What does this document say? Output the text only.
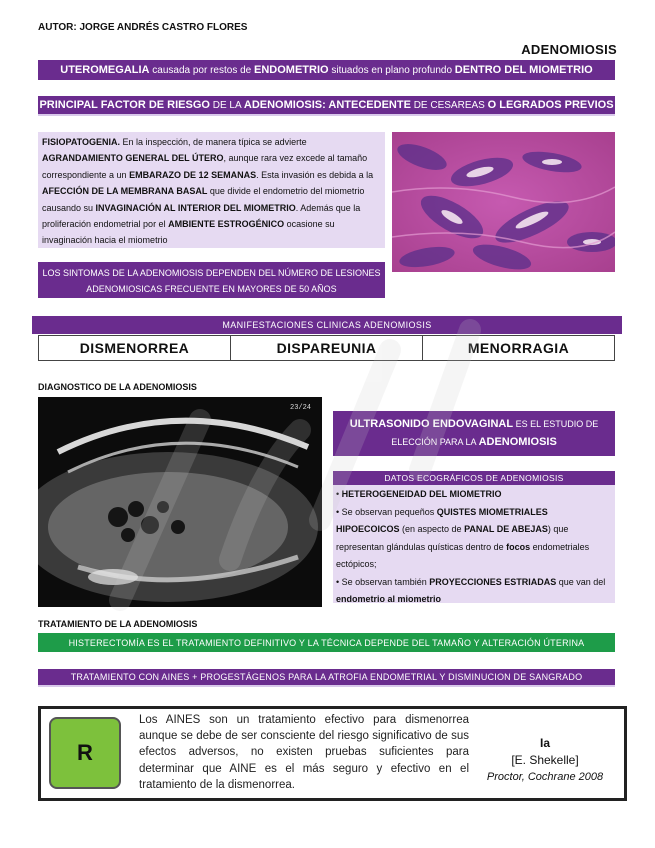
AUTOR: JORGE ANDRÉS CASTRO FLORES
ADENOMIOSIS
UTEROMEGALIA causada por restos de ENDOMETRIO situados en plano profundo DENTRO DEL MIOMETRIO
PRINCIPAL FACTOR DE RIESGO DE LA ADENOMIOSIS: ANTECEDENTE DE CESAREAS O LEGRADOS PREVIOS
FISIOPATOGENIA. En la inspección, de manera típica se advierte AGRANDAMIENTO GENERAL DEL ÚTERO, aunque rara vez excede al tamaño correspondiente a un EMBARAZO DE 12 SEMANAS. Esta invasión es debida a la AFECCIÓN DE LA MEMBRANA BASAL que divide el endometrio del miometrio causando su INVAGINACIÓN AL INTERIOR DEL MIOMETRIO. Además que la proliferación endometrial por el AMBIENTE ESTROGÉNICO ocasione su invaginación hacia el miometrio
LOS SINTOMAS DE LA ADENOMIOSIS DEPENDEN DEL NÚMERO DE LESIONES ADENOMIOSICAS FRECUENTE EN MAYORES DE 50 AÑOS
MANIFESTACIONES CLINICAS ADENOMIOSIS
DISMENORREA	DISPAREUNIA	MENORRAGIA
DIAGNOSTICO DE LA ADENOMIOSIS
23/24
ULTRASONIDO ENDOVAGINAL ES EL ESTUDIO DE ELECCIÓN PARA LA ADENOMIOSIS
DATOS ECOGRÁFICOS DE ADENOMIOSIS
• HETEROGENEIDAD DEL MIOMETRIO
• Se observan pequeños QUISTES MIOMETRIALES HIPOECOICOS (en aspecto de PANAL DE ABEJAS) que representan glándulas quísticas dentro de focos endometriales ectópicos;
• Se observan también PROYECCIONES ESTRIADAS que van del endometrio al miometrio
TRATAMIENTO DE LA ADENOMIOSIS
HISTERECTOMÍA ES EL TRATAMIENTO DEFINITIVO Y LA TÉCNICA DEPENDE DEL TAMAÑO Y ALTERACIÓN ÚTERINA
TRATAMIENTO CON AINES + PROGESTÁGENOS PARA LA ATROFIA ENDOMETRIAL Y DISMINUCION DE SANGRADO
R
Los AINES son un tratamiento efectivo para dismenorrea aunque se debe de ser consciente del riesgo significativo de sus efectos adversos, no existen pruebas suficientes para determinar que AINE es el más seguro y efectivo en el tratamiento de la dismenorrea.
Ia
[E. Shekelle]
Proctor, Cochrane 2008
